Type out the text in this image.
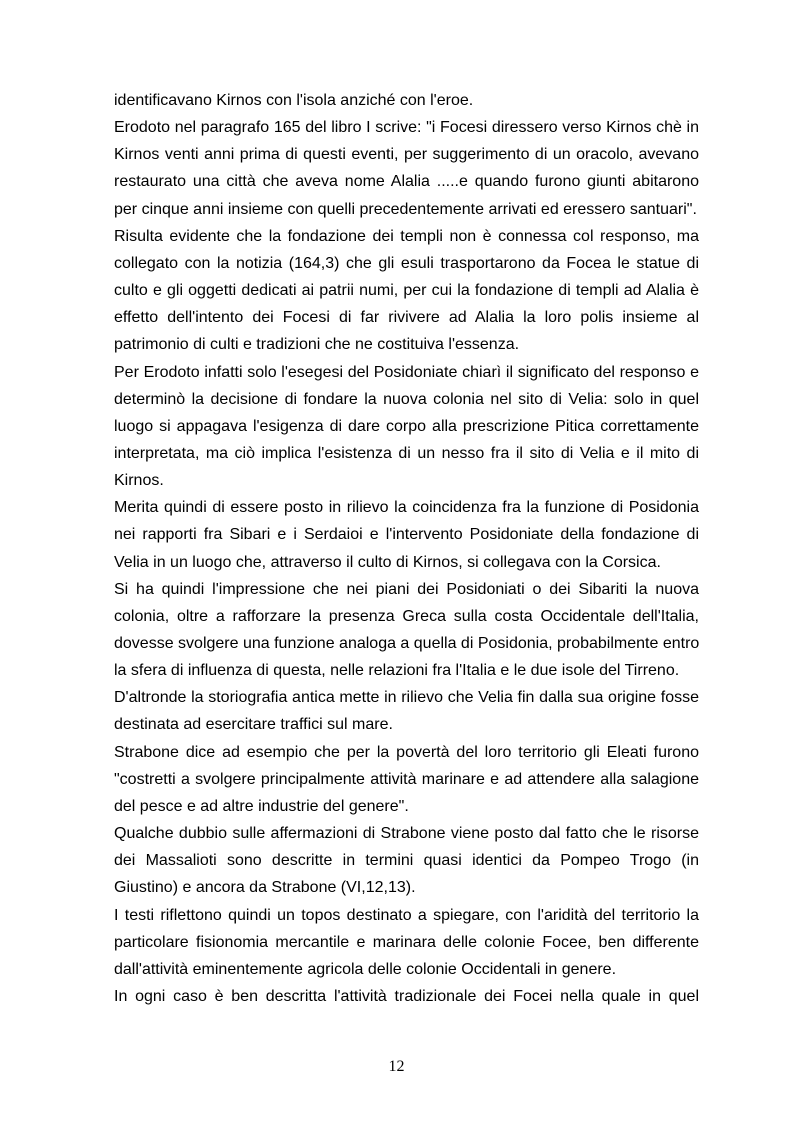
identificavano Kirnos con l'isola anziché con l'eroe.
Erodoto nel paragrafo 165 del libro I scrive: "i Focesi diressero verso Kirnos chè in
Kirnos venti anni prima di questi eventi, per suggerimento di un oracolo, avevano
restaurato una città che aveva nome Alalia .....e quando furono giunti abitarono
per cinque anni insieme con quelli precedentemente arrivati ed eressero santuari".
Risulta evidente che la fondazione dei templi non è connessa col responso, ma
collegato con la notizia (164,3) che gli esuli trasportarono da Focea le statue di
culto e gli oggetti dedicati ai patrii numi, per cui la fondazione di templi ad Alalia è
effetto dell'intento dei Focesi di far rivivere ad Alalia la loro polis insieme al
patrimonio di culti e tradizioni che ne costituiva l'essenza.
Per Erodoto infatti solo l'esegesi del Posidoniate chiarì il significato del responso e
determinò la decisione di fondare la nuova colonia nel sito di Velia: solo in quel
luogo si appagava l'esigenza di dare corpo alla prescrizione Pitica correttamente
interpretata, ma ciò implica l'esistenza di un nesso fra il sito di Velia e il mito di
Kirnos.
Merita quindi di essere posto in rilievo la coincidenza fra la funzione di Posidonia
nei rapporti fra Sibari e i Serdaioi e l'intervento Posidoniate della fondazione di
Velia in un luogo che, attraverso il culto di Kirnos, si collegava con la Corsica.
Si ha quindi l'impressione che nei piani dei Posidoniati o dei Sibariti la nuova
colonia, oltre a rafforzare la presenza Greca sulla costa Occidentale dell'Italia,
dovesse svolgere una funzione analoga a quella di Posidonia, probabilmente entro
la sfera di influenza di questa, nelle relazioni fra l'Italia e le due isole del Tirreno.
D'altronde la storiografia antica mette in rilievo che Velia fin dalla sua origine fosse
destinata ad esercitare traffici sul mare.
Strabone dice ad esempio che per la povertà del loro territorio gli Eleati furono
"costretti a svolgere principalmente attività marinare e ad attendere alla salagione
del pesce e ad altre industrie del genere".
Qualche dubbio sulle affermazioni di Strabone viene posto dal fatto che le risorse
dei Massalioti sono descritte in termini quasi identici da Pompeo Trogo (in
Giustino) e ancora da Strabone (VI,12,13).
I testi riflettono quindi un topos destinato a spiegare, con l'aridità del territorio la
particolare fisionomia mercantile e marinara delle colonie Focee, ben differente
dall'attività eminentemente agricola delle colonie Occidentali in genere.
In ogni caso è ben descritta l'attività tradizionale dei Focei nella quale in quel
12
